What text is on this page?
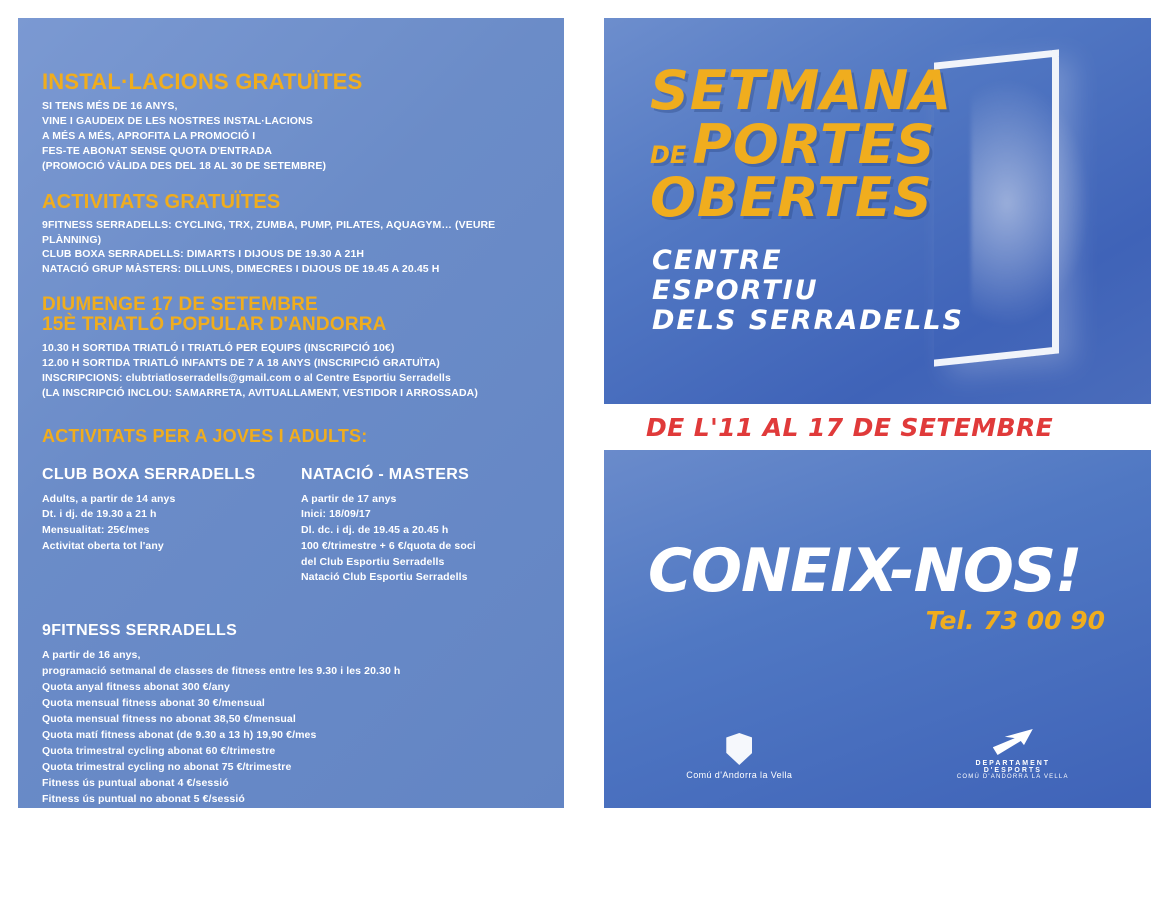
INSTAL·LACIONS GRATUÏTES
SI TENS MÉS DE 16 ANYS,
VINE I GAUDEIX DE LES NOSTRES INSTAL·LACIONS
A MÉS A MÉS, APROFITA LA PROMOCIÓ I
FES-TE ABONAT SENSE QUOTA D'ENTRADA
(PROMOCIÓ VÀLIDA DES DEL 18 AL 30 DE SETEMBRE)
ACTIVITATS GRATUÏTES
9FITNESS SERRADELLS: CYCLING, TRX, ZUMBA, PUMP, PILATES, AQUAGYM… (VEURE PLÀNNING)
CLUB BOXA SERRADELLS: DIMARTS I DIJOUS DE 19.30 A 21H
NATACIÓ GRUP MÀSTERS: DILLUNS, DIMECRES I DIJOUS DE 19.45 A 20.45 H
DIUMENGE 17 DE SETEMBRE
15È TRIATLÓ POPULAR D'ANDORRA
10.30 H SORTIDA TRIATLÓ I TRIATLÓ PER EQUIPS (INSCRIPCIÓ 10€)
12.00 H SORTIDA TRIATLÓ INFANTS DE 7 A 18 ANYS (INSCRIPCIÓ GRATUÏTA)
INSCRIPCIONS: clubtriatloserradells@gmail.com o al Centre Esportiu Serradells
(LA INSCRIPCIÓ INCLOU: SAMARRETA, AVITUALLAMENT, VESTIDOR I ARROSSADA)
ACTIVITATS PER A JOVES I ADULTS:
CLUB BOXA SERRADELLS
Adults, a partir de 14 anys
Dt. i dj. de 19.30 a 21 h
Mensualitat: 25€/mes
Activitat oberta tot l'any
NATACIÓ - MASTERS
A partir de 17 anys
Inici: 18/09/17
Dl. dc. i dj. de 19.45 a 20.45 h
100 €/trimestre + 6 €/quota de soci
del Club Esportiu Serradells
Natació Club Esportiu Serradells
9FITNESS SERRADELLS
A partir de 16 anys,
programació setmanal de classes de fitness entre les 9.30 i les 20.30 h
Quota anyal fitness abonat 300 €/any
Quota mensual fitness abonat 30 €/mensual
Quota mensual fitness no abonat 38,50 €/mensual
Quota matí fitness abonat (de 9.30 a 13 h) 19,90 €/mes
Quota trimestral cycling abonat 60 €/trimestre
Quota trimestral cycling no abonat 75 €/trimestre
Fitness ús puntual abonat 4 €/sessió
Fitness ús puntual no abonat 5 €/sessió
Fitness ús puntual 10 sessions abonat 35 €/10 sessions
Fitness ús puntual 10 sessions no abonat 44 €/10 sessions
Fitness posseïdor de la Tarjeta d'Or 15 €/mes
Fitness posseïdor de la Tarjeta Platejada 20 €/mes
Sevillanes abonat 20 €/mes
Sevillanes no abonat 25 €/mes
SETMANA
DE PORTES
OBERTES
CENTRE
ESPORTIU
DELS SERRADELLS
DE L'11 AL 17 DE SETEMBRE
CONEIX-NOS!
Tel. 73 00 90
Comú d'Andorra la Vella
DEPARTAMENT
D'ESPORTS
COMÚ D'ANDORRA LA VELLA
